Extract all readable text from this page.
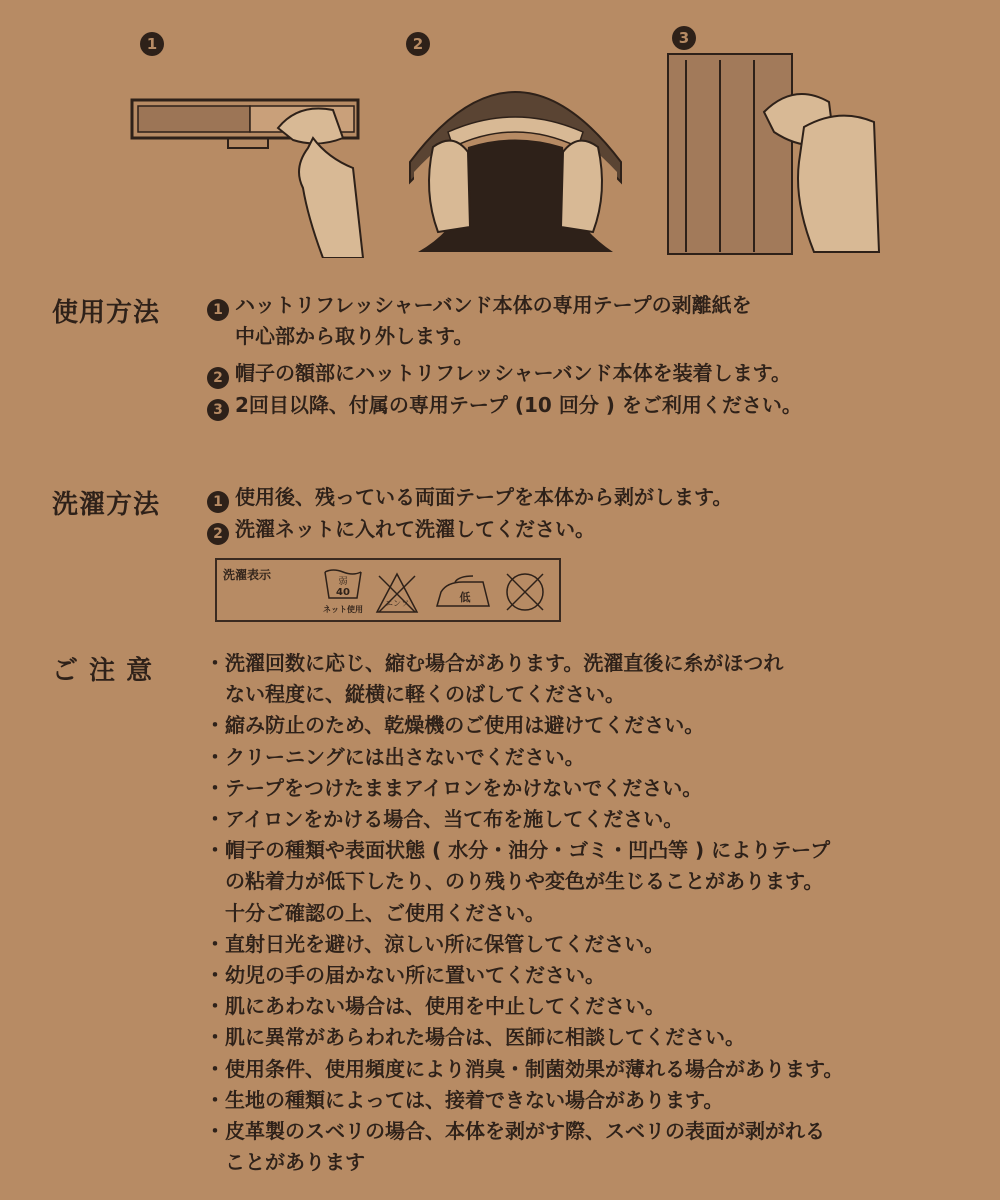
1	2	3
使用方法	1 ハットリフレッシャーバンド本体の専用テープの剥離紙を
中心部から取り外します。
2 帽子の額部にハットリフレッシャーバンド本体を装着します。
3 2回目以降、付属の専用テープ (10 回分 ) をご利用ください。
洗濯方法	1 使用後、残っている両面テープを本体から剥がします。
2 洗濯ネットに入れて洗濯してください。
洗濯表示	弱
40
ネット使用
エンソ	低
ご 注 意	・洗濯回数に応じ、縮む場合があります。洗濯直後に糸がほつれ
ない程度に、縦横に軽くのばしてください。
・縮み防止のため、乾燥機のご使用は避けてください。
・クリーニングには出さないでください。
・テープをつけたままアイロンをかけないでください。
・アイロンをかける場合、当て布を施してください。
・帽子の種類や表面状態 ( 水分・油分・ゴミ・凹凸等 ) によりテープ
の粘着力が低下したり、のり残りや変色が生じることがあります。
十分ご確認の上、ご使用ください。
・直射日光を避け、涼しい所に保管してください。
・幼児の手の届かない所に置いてください。
・肌にあわない場合は、使用を中止してください。
・肌に異常があらわれた場合は、医師に相談してください。
・使用条件、使用頻度により消臭・制菌効果が薄れる場合があります。
・生地の種類によっては、接着できない場合があります。
・皮革製のスベリの場合、本体を剥がす際、スベリの表面が剥がれる
ことがあります
